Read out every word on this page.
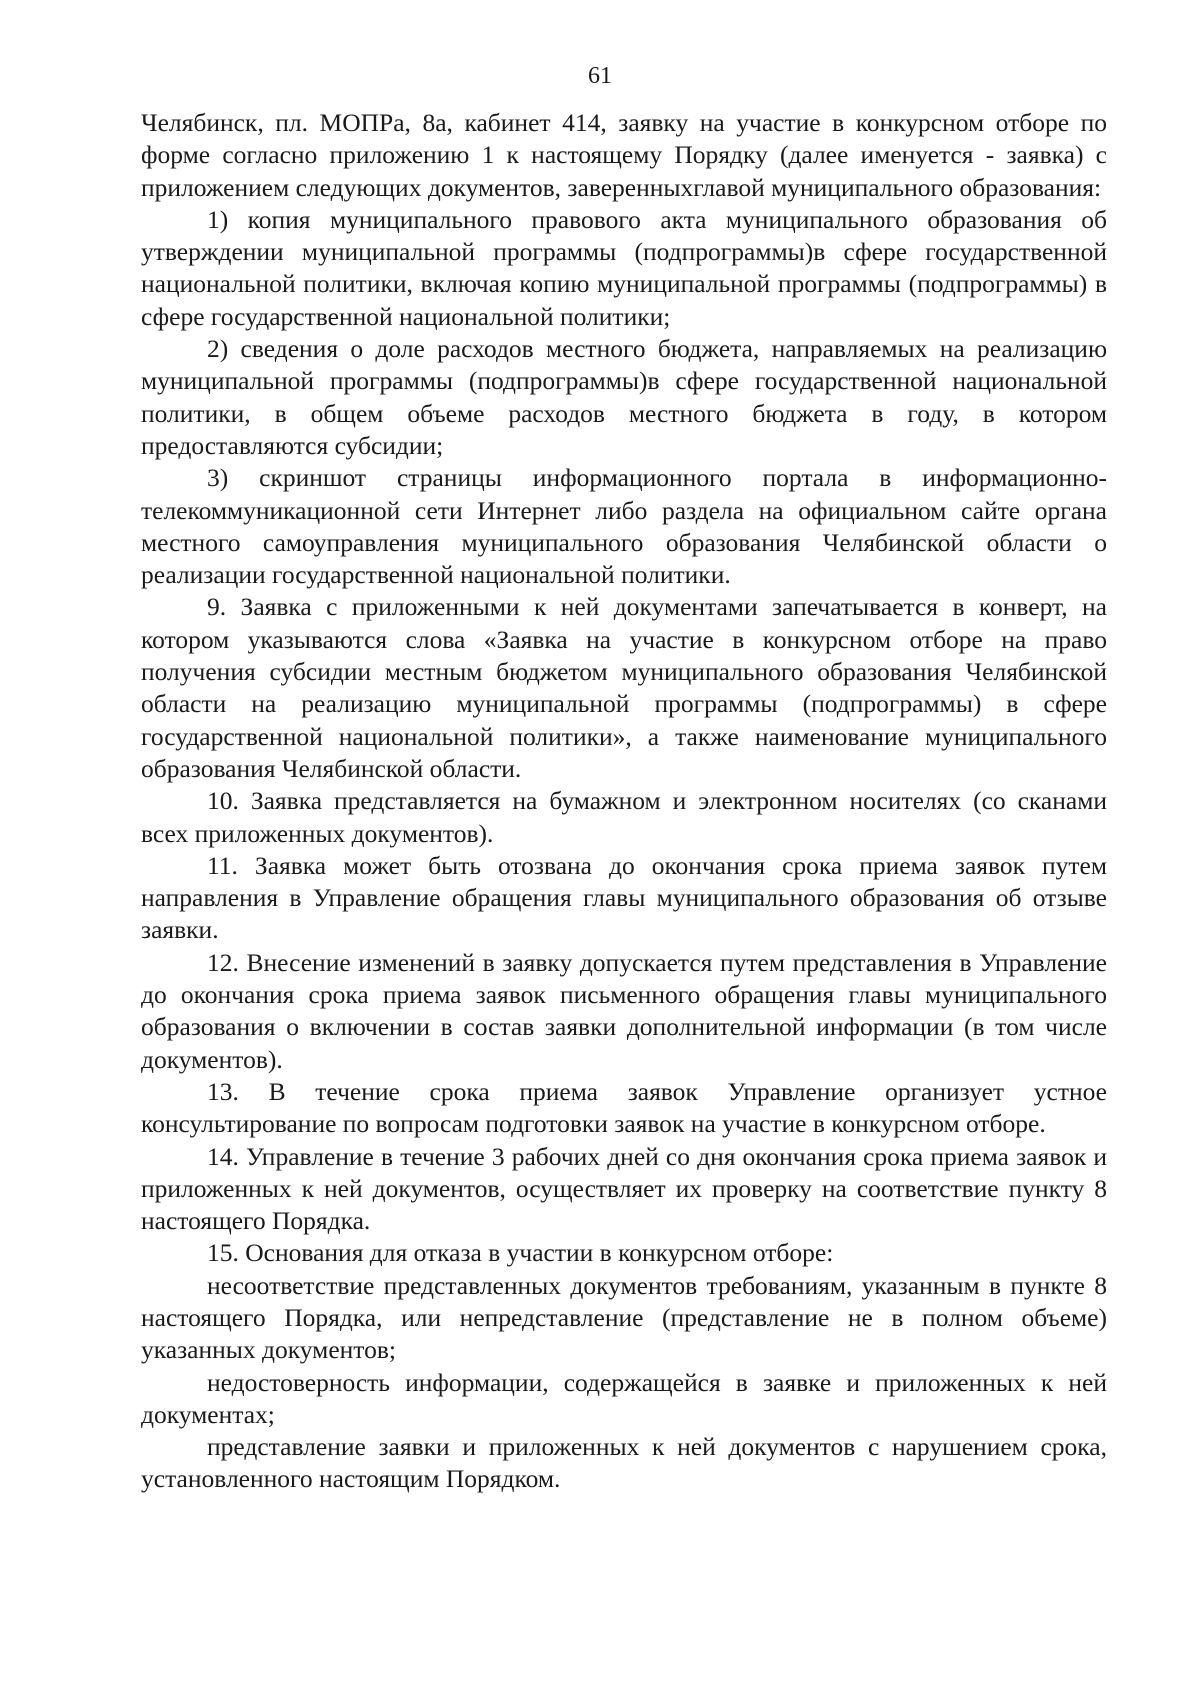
61

Челябинск, пл. МОПРа, 8а, кабинет 414, заявку на участие в конкурсном отборе по форме согласно приложению 1 к настоящему Порядку (далее именуется - заявка) с приложением следующих документов, заверенныхглавой муниципального образования:

1) копия муниципального правового акта муниципального образования об утверждении муниципальной программы (подпрограммы)в сфере государственной национальной политики, включая копию муниципальной программы (подпрограммы) в сфере государственной национальной политики;

2) сведения о доле расходов местного бюджета, направляемых на реализацию муниципальной программы (подпрограммы)в сфере государственной национальной политики, в общем объеме расходов местного бюджета в году, в котором предоставляются субсидии;

3) скриншот страницы информационного портала в информационно-телекоммуникационной сети Интернет либо раздела на официальном сайте органа местного самоуправления муниципального образования Челябинской области о реализации государственной национальной политики.

9. Заявка с приложенными к ней документами запечатывается в конверт, на котором указываются слова «Заявка на участие в конкурсном отборе на право получения субсидии местным бюджетом муниципального образования Челябинской области на реализацию муниципальной программы (подпрограммы) в сфере государственной национальной политики», а также наименование муниципального образования Челябинской области.

10. Заявка представляется на бумажном и электронном носителях (со сканами всех приложенных документов).

11. Заявка может быть отозвана до окончания срока приема заявок путем направления в Управление обращения главы муниципального образования об отзыве заявки.

12. Внесение изменений в заявку допускается путем представления в Управление до окончания срока приема заявок письменного обращения главы муниципального образования о включении в состав заявки дополнительной информации (в том числе документов).

13. В течение срока приема заявок Управление организует устное консультирование по вопросам подготовки заявок на участие в конкурсном отборе.

14. Управление в течение 3 рабочих дней со дня окончания срока приема заявок и приложенных к ней документов, осуществляет их проверку на соответствие пункту 8 настоящего Порядка.

15. Основания для отказа в участии в конкурсном отборе:

несоответствие представленных документов требованиям, указанным в пункте 8 настоящего Порядка, или непредставление (представление не в полном объеме) указанных документов;

недостоверность информации, содержащейся в заявке и приложенных к ней документах;

представление заявки и приложенных к ней документов с нарушением срока, установленного настоящим Порядком.
